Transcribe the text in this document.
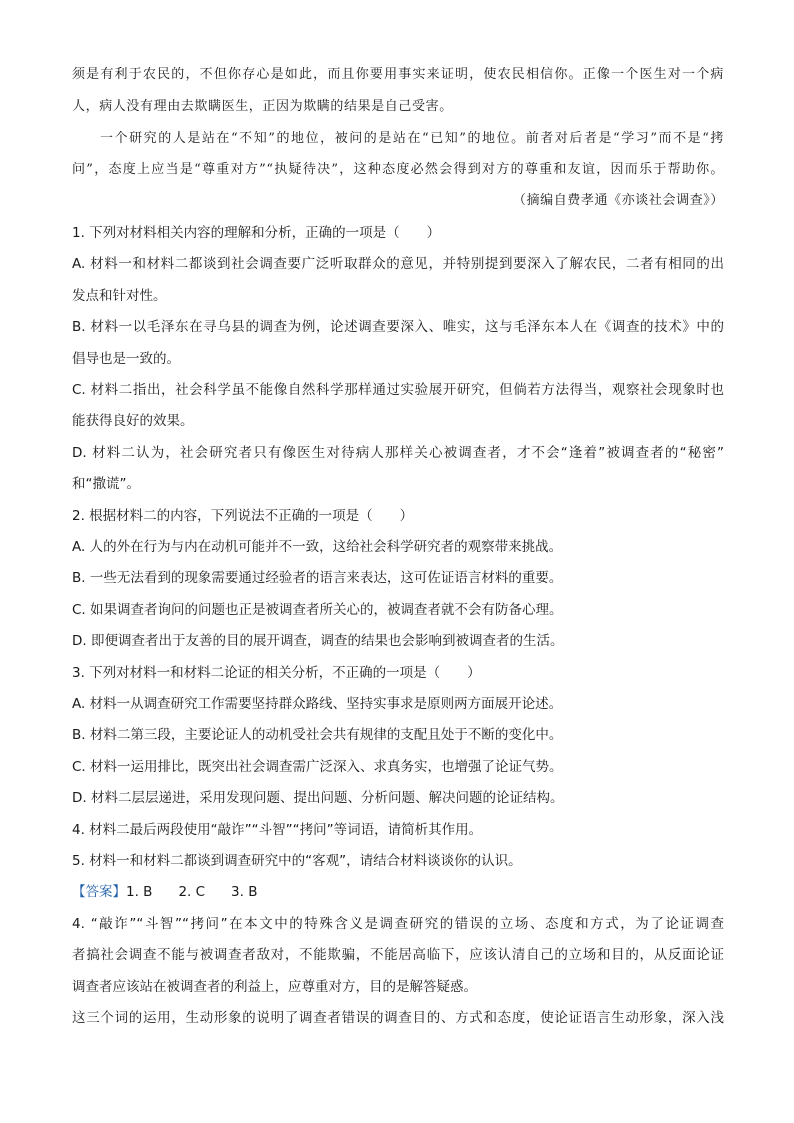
须是有利于农民的，不但你存心是如此，而且你要用事实来证明，使农民相信你。正像一个医生对一个病
人，病人没有理由去欺瞒医生，正因为欺瞒的结果是自己受害。
一个研究的人是站在“不知”的地位，被问的是站在“已知”的地位。前者对后者是“学习”而不是“拷
问”，态度上应当是“尊重对方”“执疑待决”，这种态度必然会得到对方的尊重和友谊，因而乐于帮助你。
（摘编自费孝通《亦谈社会调查》）
1. 下列对材料相关内容的理解和分析，正确的一项是（　　）
A. 材料一和材料二都谈到社会调查要广泛听取群众的意见，并特别提到要深入了解农民，二者有相同的出
发点和针对性。
B. 材料一以毛泽东在寻乌县的调查为例，论述调查要深入、唯实，这与毛泽东本人在《调查的技术》中的
倡导也是一致的。
C. 材料二指出，社会科学虽不能像自然科学那样通过实验展开研究，但倘若方法得当，观察社会现象时也
能获得良好的效果。
D. 材料二认为，社会研究者只有像医生对待病人那样关心被调查者，才不会“逢着”被调查者的“秘密”
和“撒谎”。
2. 根据材料二的内容，下列说法不正确的一项是（　　）
A. 人的外在行为与内在动机可能并不一致，这给社会科学研究者的观察带来挑战。
B. 一些无法看到的现象需要通过经验者的语言来表达，这可佐证语言材料的重要。
C. 如果调查者询问的问题也正是被调查者所关心的，被调查者就不会有防备心理。
D. 即便调查者出于友善的目的展开调查，调查的结果也会影响到被调查者的生活。
3. 下列对材料一和材料二论证的相关分析，不正确的一项是（　　）
A. 材料一从调查研究工作需要坚持群众路线、坚持实事求是原则两方面展开论述。
B. 材料二第三段，主要论证人的动机受社会共有规律的支配且处于不断的变化中。
C. 材料一运用排比，既突出社会调查需广泛深入、求真务实，也增强了论证气势。
D. 材料二层层递进，采用发现问题、提出问题、分析问题、解决问题的论证结构。
4. 材料二最后两段使用“敲诈”“斗智”“拷问”等词语，请简析其作用。
5. 材料一和材料二都谈到调查研究中的“客观”，请结合材料谈谈你的认识。
【答案】1. B 2. C 3. B
4. “敲诈”“斗智”“拷问”在本文中的特殊含义是调查研究的错误的立场、态度和方式，为了论证调查
者搞社会调查不能与被调查者敌对，不能欺骗，不能居高临下，应该认清自己的立场和目的，从反面论证
调查者应该站在被调查者的利益上，应尊重对方，目的是解答疑惑。
这三个词的运用，生动形象的说明了调查者错误的调查目的、方式和态度，使论证语言生动形象，深入浅
